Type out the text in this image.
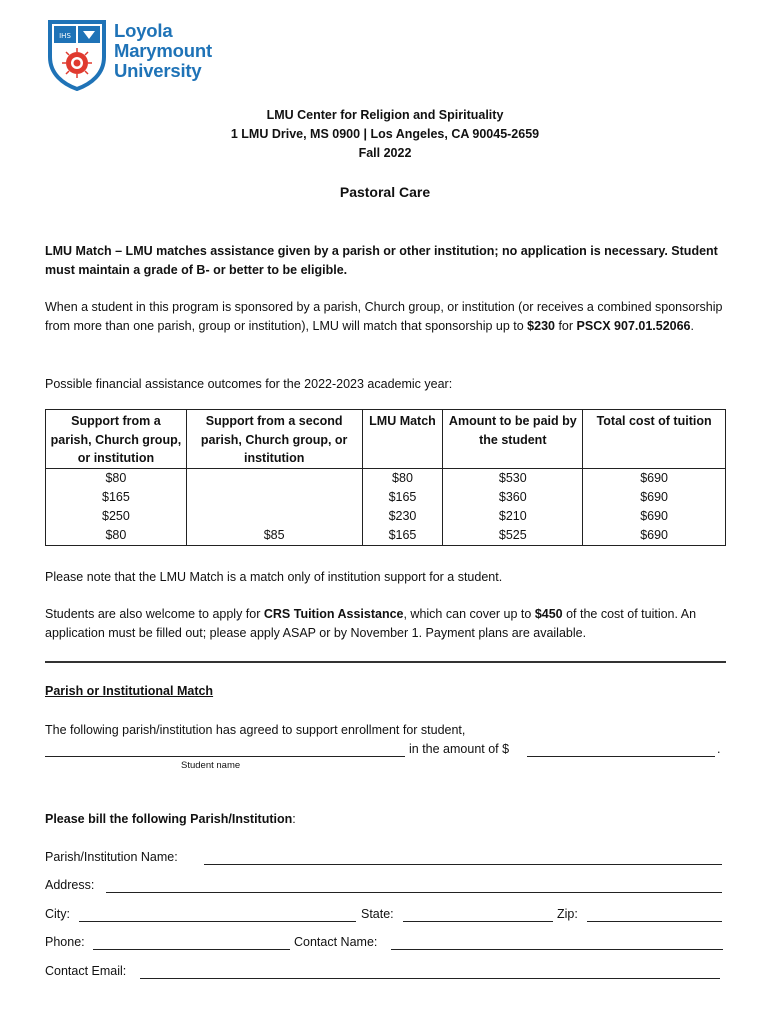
IHS Loyola
Marymount
University
LMU Center for Religion and Spirituality
1 LMU Drive, MS 0900 | Los Angeles, CA 90045-2659
Fall 2022
Pastoral Care
LMU Match – LMU matches assistance given by a parish or other institution; no application is necessary. Student must maintain a grade of B- or better to be eligible.
When a student in this program is sponsored by a parish, Church group, or institution (or receives a combined sponsorship from more than one parish, group or institution), LMU will match that sponsorship up to $230 for PSCX 907.01.52066.
Possible financial assistance outcomes for the 2022-2023 academic year:
Support from a parish, Church group, or institution	Support from a second parish, Church group, or institution	LMU Match	Amount to be paid by the student	Total cost of tuition
$80		$80	$530	$690
$165		$165	$360	$690
$250		$230	$210	$690
$80	$85	$165	$525	$690
Please note that the LMU Match is a match only of institution support for a student.
Students are also welcome to apply for CRS Tuition Assistance, which can cover up to $450 of the cost of tuition. An application must be filled out; please apply ASAP or by November 1. Payment plans are available.
Parish or Institutional Match
The following parish/institution has agreed to support enrollment for student,
in the amount of $	.
Student name
Please bill the following Parish/Institution:
Parish/Institution Name:
Address:
City:	State:	Zip:
Phone:	Contact Name:
Contact Email:
